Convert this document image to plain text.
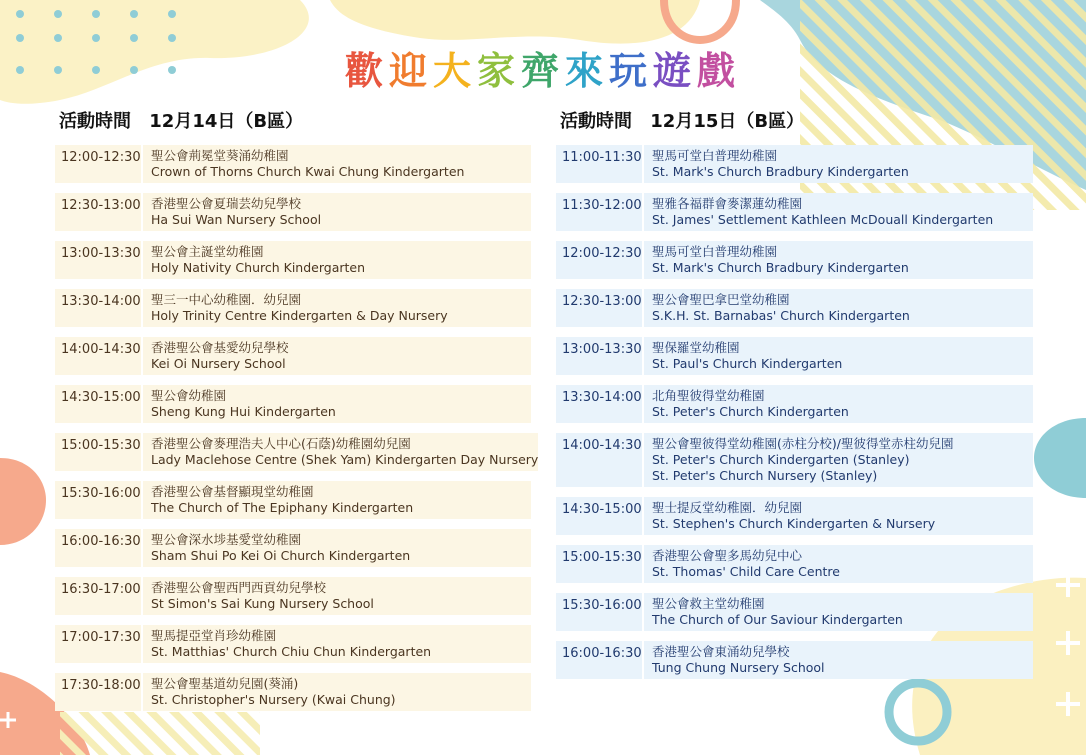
歡迎大家齊來玩遊戲
活動時間 12月14日（B區）
12:00-12:30 聖公會荊冕堂葵涌幼稚園
Crown of Thorns Church Kwai Chung Kindergarten
12:30-13:00 香港聖公會夏瑞芸幼兒學校
Ha Sui Wan Nursery School
13:00-13:30 聖公會主誕堂幼稚園
Holy Nativity Church Kindergarten
13:30-14:00 聖三一中心幼稚園．幼兒園
Holy Trinity Centre Kindergarten & Day Nursery
14:00-14:30 香港聖公會基愛幼兒學校
Kei Oi Nursery School
14:30-15:00 聖公會幼稚園
Sheng Kung Hui Kindergarten
15:00-15:30 香港聖公會麥理浩夫人中心(石蔭)幼稚園幼兒園
Lady Maclehose Centre (Shek Yam) Kindergarten Day Nursery
15:30-16:00 香港聖公會基督顯現堂幼稚園
The Church of The Epiphany Kindergarten
16:00-16:30 聖公會深水埗基愛堂幼稚園
Sham Shui Po Kei Oi Church Kindergarten
16:30-17:00 香港聖公會聖西門西貢幼兒學校
St Simon's Sai Kung Nursery School
17:00-17:30 聖馬提亞堂肖珍幼稚園
St. Matthias' Church Chiu Chun Kindergarten
17:30-18:00 聖公會聖基道幼兒園(葵涌)
St. Christopher's Nursery (Kwai Chung)
活動時間 12月15日（B區）
11:00-11:30 聖馬可堂白普理幼稚園
St. Mark's Church Bradbury Kindergarten
11:30-12:00 聖雅各福群會麥潔蓮幼稚園
St. James' Settlement Kathleen McDouall Kindergarten
12:00-12:30 聖馬可堂白普理幼稚園
St. Mark's Church Bradbury Kindergarten
12:30-13:00 聖公會聖巴拿巴堂幼稚園
S.K.H. St. Barnabas' Church Kindergarten
13:00-13:30 聖保羅堂幼稚園
St. Paul's Church Kindergarten
13:30-14:00 北角聖彼得堂幼稚園
St. Peter's Church Kindergarten
14:00-14:30 聖公會聖彼得堂幼稚園(赤柱分校)/聖彼得堂赤柱幼兒園
St. Peter's Church Kindergarten (Stanley)
St. Peter's Church Nursery (Stanley)
14:30-15:00 聖士提反堂幼稚園．幼兒園
St. Stephen's Church Kindergarten & Nursery
15:00-15:30 香港聖公會聖多馬幼兒中心
St. Thomas' Child Care Centre
15:30-16:00 聖公會救主堂幼稚園
The Church of Our Saviour Kindergarten
16:00-16:30 香港聖公會東涌幼兒學校
Tung Chung Nursery School
